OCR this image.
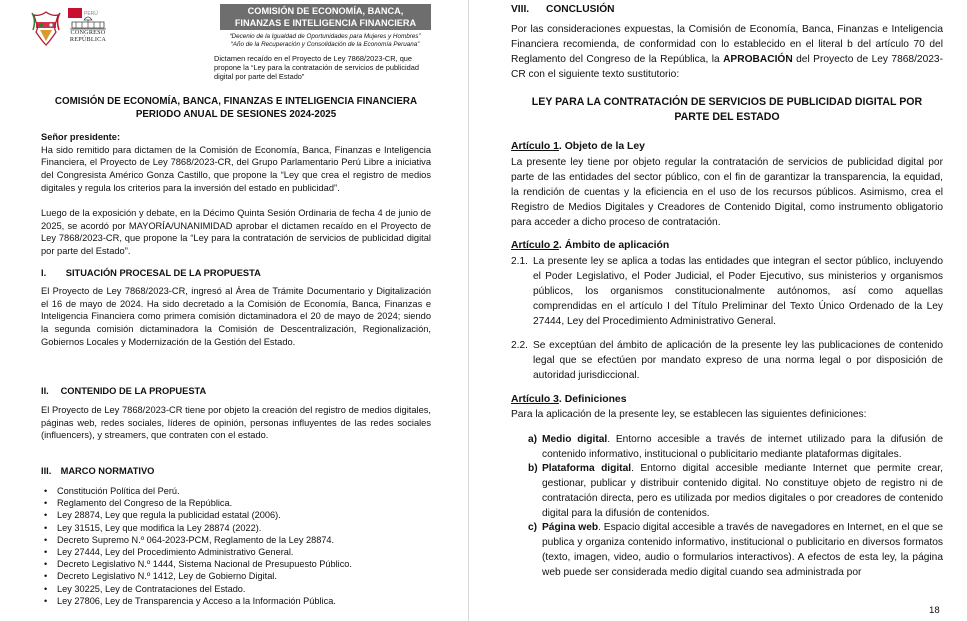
PERÚ
CONGRESO
REPÚBLICA
COMISIÓN DE ECONOMÍA, BANCA,
FINANZAS E INTELIGENCIA FINANCIERA
“Decenio de la Igualdad de Oportunidades para Mujeres y Hombres”
“Año de la Recuperación y Consolidación de la Economía Peruana”
Dictamen recaído en el Proyecto de Ley 7868/2023-CR, que propone la “Ley para la contratación de servicios de publicidad digital por parte del Estado”
COMISIÓN DE ECONOMÍA, BANCA, FINANZAS E INTELIGENCIA FINANCIERA
PERIODO ANUAL DE SESIONES 2024-2025

Señor presidente:

Ha sido remitido para dictamen de la Comisión de Economía, Banca, Finanzas e Inteligencia Financiera, el Proyecto de Ley 7868/2023-CR, del Grupo Parlamentario Perú Libre a iniciativa del Congresista Américo Gonza Castillo, que propone la “Ley que crea el registro de medios digitales y regula los criterios para la inversión del estado en publicidad”.

Luego de la exposición y debate, en la Décimo Quinta Sesión Ordinaria de fecha 4 de junio de 2025, se acordó por MAYORÍA/UNANIMIDAD aprobar el dictamen recaído en el Proyecto de Ley 7868/2023-CR, que propone la “Ley para la contratación de servicios de publicidad digital por parte del Estado”.
I. SITUACIÓN PROCESAL DE LA PROPUESTA
El Proyecto de Ley 7868/2023-CR, ingresó al Área de Trámite Documentario y Digitalización el 16 de mayo de 2024. Ha sido decretado a la Comisión de Economía, Banca, Finanzas e Inteligencia Financiera como primera comisión dictaminadora el 20 de mayo de 2024; siendo la segunda comisión dictaminadora la Comisión de Descentralización, Regionalización, Gobiernos Locales y Modernización de la Gestión del Estado.
II. CONTENIDO DE LA PROPUESTA
El Proyecto de Ley 7868/2023-CR tiene por objeto la creación del registro de medios digitales, páginas web, redes sociales, líderes de opinión, personas influyentes de las redes sociales (influencers), y streamers, que contraten con el estado.
III. MARCO NORMATIVO
• Constitución Política del Perú.
• Reglamento del Congreso de la República.
• Ley 28874, Ley que regula la publicidad estatal (2006).
• Ley 31515, Ley que modifica la Ley 28874 (2022).
• Decreto Supremo N.º 064-2023-PCM, Reglamento de la Ley 28874.
• Ley 27444, Ley del Procedimiento Administrativo General.
• Decreto Legislativo N.º 1444, Sistema Nacional de Presupuesto Público.
• Decreto Legislativo N.º 1412, Ley de Gobierno Digital.
• Ley 30225, Ley de Contrataciones del Estado.
• Ley 27806, Ley de Transparencia y Acceso a la Información Pública.
VIII. CONCLUSIÓN

Por las consideraciones expuestas, la Comisión de Economía, Banca, Finanzas e Inteligencia Financiera recomienda, de conformidad con lo establecido en el literal b del artículo 70 del Reglamento del Congreso de la República, la APROBACIÓN del Proyecto de Ley 7868/2023-CR con el siguiente texto sustitutorio:

LEY PARA LA CONTRATACIÓN DE SERVICIOS DE PUBLICIDAD DIGITAL POR
PARTE DEL ESTADO
Artículo 1. Objeto de la Ley
La presente ley tiene por objeto regular la contratación de servicios de publicidad digital por parte de las entidades del sector público, con el fin de garantizar la transparencia, la equidad, la rendición de cuentas y la eficiencia en el uso de los recursos públicos. Asimismo, crea el Registro de Medios Digitales y Creadores de Contenido Digital, como instrumento obligatorio para acceder a dicho proceso de contratación.
Artículo 2. Ámbito de aplicación
2.1. La presente ley se aplica a todas las entidades que integran el sector público, incluyendo el Poder Legislativo, el Poder Judicial, el Poder Ejecutivo, sus ministerios y organismos públicos, los organismos constitucionalmente autónomos, así como aquellas comprendidas en el artículo I del Título Preliminar del Texto Único Ordenado de la Ley 27444, Ley del Procedimiento Administrativo General.
2.2. Se exceptúan del ámbito de aplicación de la presente ley las publicaciones de contenido legal que se efectúen por mandato expreso de una norma legal o por disposición de autoridad jurisdiccional.
Artículo 3. Definiciones
Para la aplicación de la presente ley, se establecen las siguientes definiciones:
a) Medio digital. Entorno accesible a través de internet utilizado para la difusión de contenido informativo, institucional o publicitario mediante plataformas digitales.
b) Plataforma digital. Entorno digital accesible mediante Internet que permite crear, gestionar, publicar y distribuir contenido digital. No constituye objeto de registro ni de contratación directa, pero es utilizada por medios digitales o por creadores de contenido digital para la difusión de contenidos.
c) Página web. Espacio digital accesible a través de navegadores en Internet, en el que se publica y organiza contenido informativo, institucional o publicitario en diversos formatos (texto, imagen, video, audio o formularios interactivos). A efectos de esta ley, la página web puede ser considerada medio digital cuando sea administrada por
18
